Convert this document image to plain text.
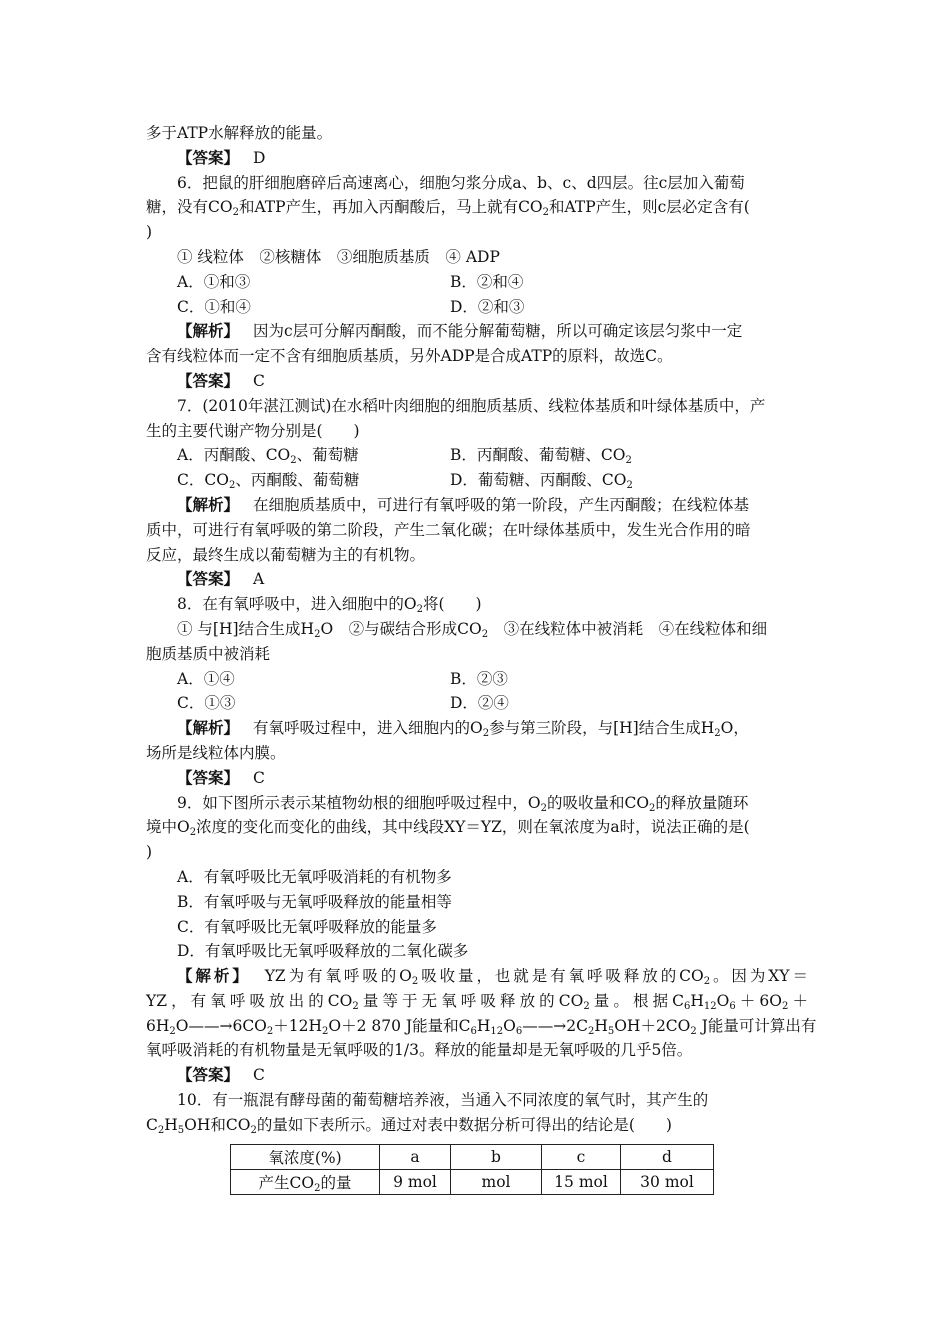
多于ATP水解释放的能量。
【答案】 D
6．把鼠的肝细胞磨碎后高速离心，细胞匀浆分成a、b、c、d四层。往c层加入葡萄
糖，没有$CO_2$和ATP产生，再加入丙酮酸后，马上就有$CO_2$和ATP产生，则c层必定含有(
)
① 线粒体　②核糖体　③细胞质基质　④ ADP
A．①和③	B．②和④
C．①和④	D．②和③
【解析】 因为c层可分解丙酮酸，而不能分解葡萄糖，所以可确定该层匀浆中一定
含有线粒体而一定不含有细胞质基质，另外ADP是合成ATP的原料，故选C。
【答案】 C
7．(2010年湛江测试)在水稻叶肉细胞的细胞质基质、线粒体基质和叶绿体基质中，产
生的主要代谢产物分别是(　　)
A．丙酮酸、$CO_2$、葡萄糖	B．丙酮酸、葡萄糖、$CO_2$
C．$CO_2$、丙酮酸、葡萄糖	D．葡萄糖、丙酮酸、$CO_2$
【解析】 在细胞质基质中，可进行有氧呼吸的第一阶段，产生丙酮酸；在线粒体基
质中，可进行有氧呼吸的第二阶段，产生二氧化碳；在叶绿体基质中，发生光合作用的暗
反应，最终生成以葡萄糖为主的有机物。
【答案】 A
8．在有氧呼吸中，进入细胞中的$O_2$将(　　)
① 与[H]结合生成$H_2O$　②与碳结合形成$CO_2$　③在线粒体中被消耗　④在线粒体和细
胞质基质中被消耗
A．①④	B．②③
C．①③	D．②④
【解析】 有氧呼吸过程中，进入细胞内的$O_2$参与第三阶段，与[H]结合生成$H_2O$，
场所是线粒体内膜。
【答案】 C
9．如下图所示表示某植物幼根的细胞呼吸过程中，$O_2$的吸收量和$CO_2$的释放量随环
境中$O_2$浓度的变化而变化的曲线，其中线段XY＝YZ，则在氧浓度为a时，说法正确的是(
)
A．有氧呼吸比无氧呼吸消耗的有机物多
B．有氧呼吸与无氧呼吸释放的能量相等
C．有氧呼吸比无氧呼吸释放的能量多
D．有氧呼吸比无氧呼吸释放的二氧化碳多
【解析】 YZ为有氧呼吸的$O_2$吸收量，也就是有氧呼吸释放的$CO_2$。因为XY＝
YZ，有氧呼吸放出的$CO_2$量等于无氧呼吸释放的$CO_2$量。根据$C_6H_{12}O_6+6O_2+$
$6H_2O——\to 6CO_2+12H_2O+2$ 870 J能量和$C_6H_{12}O_6——\to 2C_2H_5OH+2CO_2$ J能量可计算出有
氧呼吸消耗的有机物量是无氧呼吸的1/3。释放的能量却是无氧呼吸的几乎5倍。
【答案】 C
10．有一瓶混有酵母菌的葡萄糖培养液，当通入不同浓度的氧气时，其产生的
$C_2H_5OH$和$CO_2$的量如下表所示。通过对表中数据分析可得出的结论是(　　)
氧浓度(%)	a	b	c	d
产生$CO_2$的量	9 mol	mol	15 mol	30 mol
